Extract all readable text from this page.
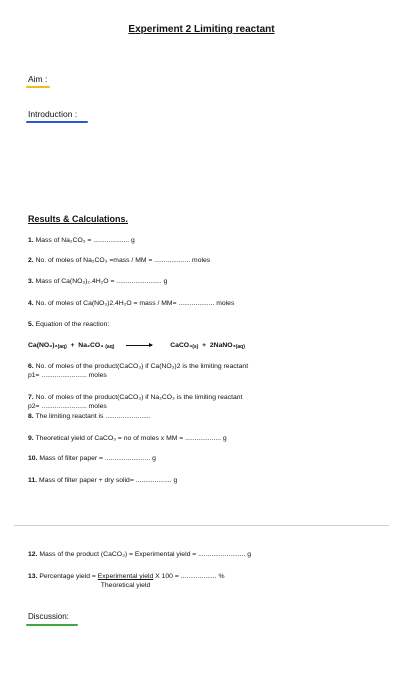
Experiment 2 Limiting reactant
Aim :
Introduction :
Results & Calculations.
1. Mass of Na₂CO₃ = ................... g
2. No. of moles of Na₂CO₃ =mass / MM = ................... moles
3. Mass of Ca(NO₃)₂.4H₂O = ........................ g
4. No. of moles of Ca(NO₃)2.4H₂O = mass / MM= ................... moles
5. Equation of the reaction:
$Ca(NO_3)_2_{(aq)} + Na_2CO_3$ $_{(aq)}$	$CaCO_3_{(s)}$ + $2NaNO_3_{(aq)}$
6. No. of moles of the product(CaCO₃) if Ca(NO₃)2 is the limiting reactant
p1= ........................ moles
7. No. of moles of the product(CaCO₃) if Na₂CO₃ is the limiting reactant
p2= ........................ moles
8. The limiting reactant is ........................
9. Theoretical yield of CaCO₃ = no of moles x MM = ................... g
10. Mass of filter paper = ........................ g
11. Mass of filter paper + dry solid= ................... g
12. Mass of the product (CaCO₃) = Experimental yield = ......................... g
13. Percentage yield = $\frac{\text{Experimental yield}}{\text{Theoretical yield}}$ X 100 = ................... %
Discussion:
